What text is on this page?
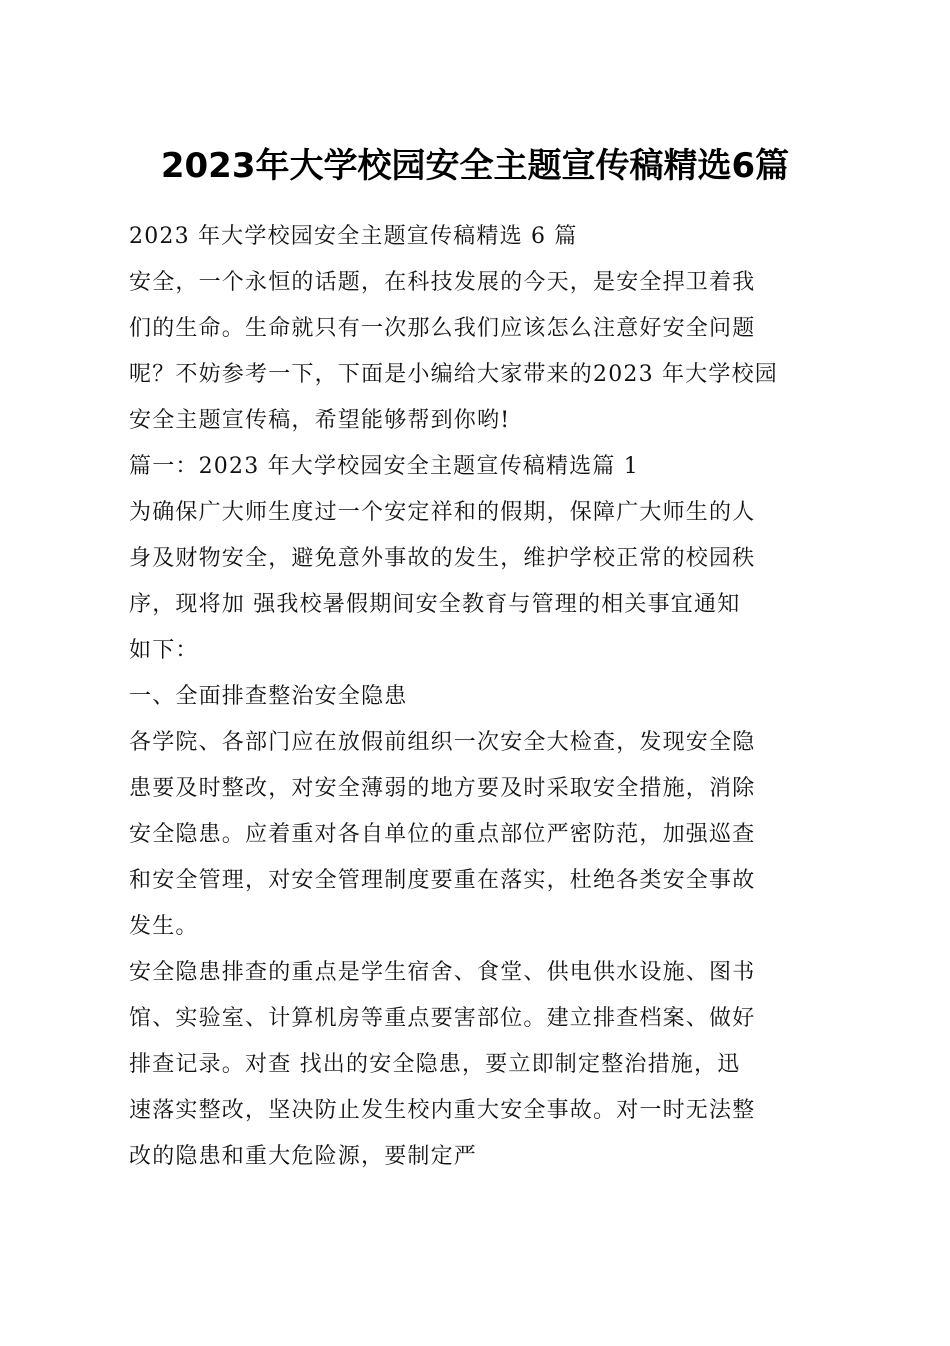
2023年大学校园安全主题宣传稿精选6篇

2023 年大学校园安全主题宣传稿精选 6 篇

安全，一个永恒的话题，在科技发展的今天，是安全捍卫着我
们的生命。生命就只有一次那么我们应该怎么注意好安全问题
呢？不妨参考一下，下面是小编给大家带来的2023 年大学校园
安全主题宣传稿，希望能够帮到你哟!

篇一：2023 年大学校园安全主题宣传稿精选篇 1

为确保广大师生度过一个安定祥和的假期，保障广大师生的人
身及财物安全，避免意外事故的发生，维护学校正常的校园秩
序，现将加 强我校暑假期间安全教育与管理的相关事宜通知
如下：

一、全面排查整治安全隐患

各学院、各部门应在放假前组织一次安全大检查，发现安全隐
患要及时整改，对安全薄弱的地方要及时采取安全措施，消除
安全隐患。应着重对各自单位的重点部位严密防范，加强巡查
和安全管理，对安全管理制度要重在落实，杜绝各类安全事故
发生。

安全隐患排查的重点是学生宿舍、食堂、供电供水设施、图书
馆、实验室、计算机房等重点要害部位。建立排查档案、做好
排查记录。对查 找出的安全隐患，要立即制定整治措施，迅
速落实整改，坚决防止发生校内重大安全事故。对一时无法整
改的隐患和重大危险源，要制定严
